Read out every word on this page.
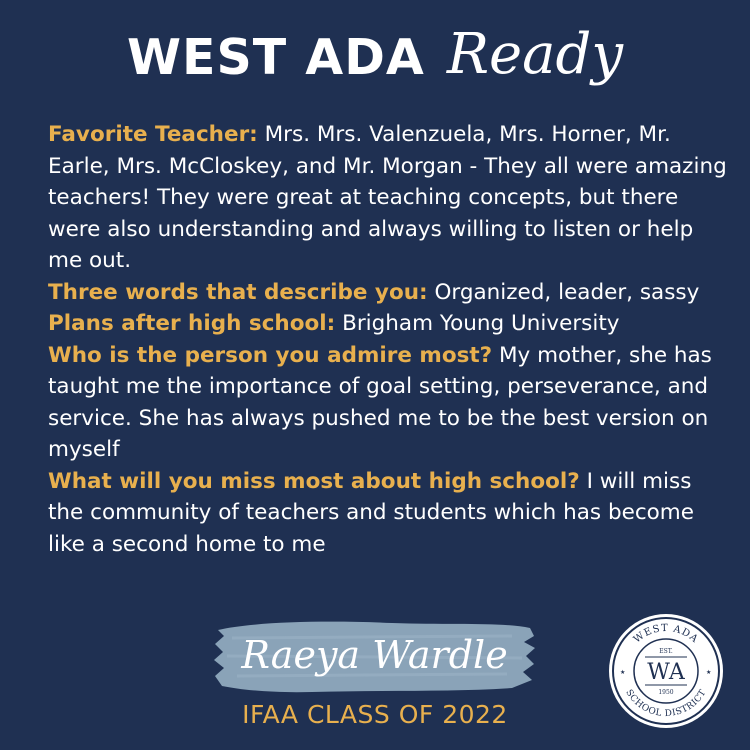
WEST ADA Ready

Favorite Teacher: Mrs. Mrs. Valenzuela, Mrs. Horner, Mr. Earle, Mrs. McCloskey, and Mr. Morgan - They all were amazing teachers! They were great at teaching concepts, but there were also understanding and always willing to listen or help me out.

Three words that describe you: Organized, leader, sassy

Plans after high school: Brigham Young University

Who is the person you admire most? My mother, she has taught me the importance of goal setting, perseverance, and service. She has always pushed me to be the best version on myself

What will you miss most about high school? I will miss the community of teachers and students which has become like a second home to me

Raeya Wardle
IFAA CLASS OF 2022
WEST ADA
SCHOOL DISTRICT
EST.
WA
1950
★	★
